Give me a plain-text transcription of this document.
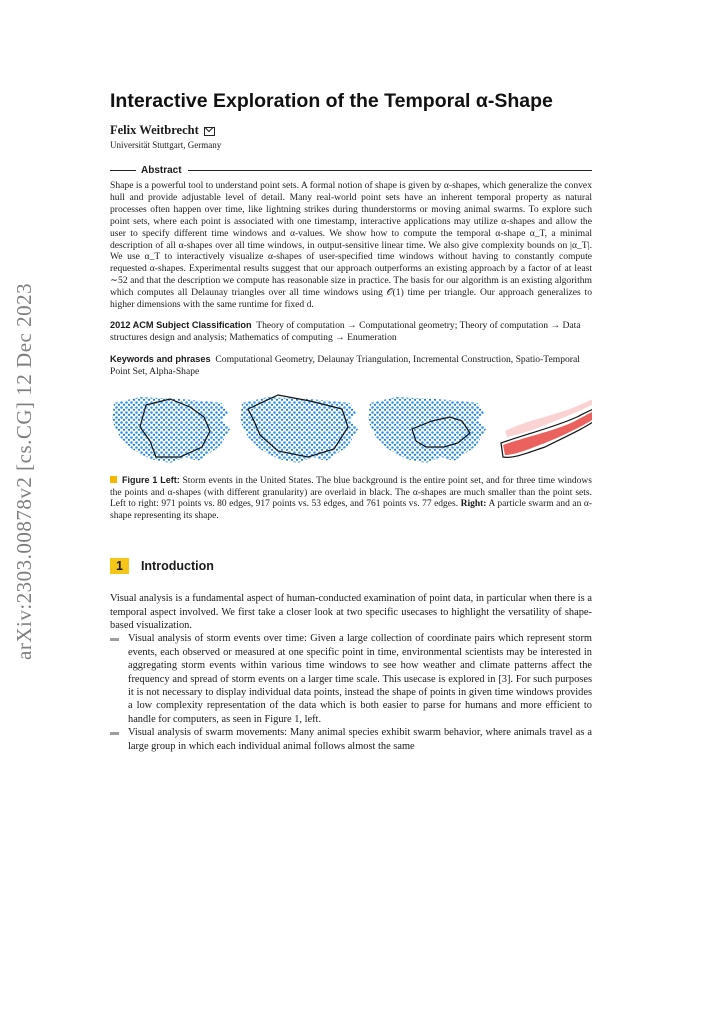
arXiv:2303.00878v2 [cs.CG] 12 Dec 2023
Interactive Exploration of the Temporal α-Shape
Felix Weitbrecht
Universität Stuttgart, Germany
Abstract
Shape is a powerful tool to understand point sets. A formal notion of shape is given by α-shapes, which generalize the convex hull and provide adjustable level of detail. Many real-world point sets have an inherent temporal property as natural processes often happen over time, like lightning strikes during thunderstorms or moving animal swarms. To explore such point sets, where each point is associated with one timestamp, interactive applications may utilize α-shapes and allow the user to specify different time windows and α-values. We show how to compute the temporal α-shape α_T, a minimal description of all α-shapes over all time windows, in output-sensitive linear time. We also give complexity bounds on |α_T|. We use α_T to interactively visualize α-shapes of user-specified time windows without having to constantly compute requested α-shapes. Experimental results suggest that our approach outperforms an existing approach by a factor of at least ∼52 and that the description we compute has reasonable size in practice. The basis for our algorithm is an existing algorithm which computes all Delaunay triangles over all time windows using 𝒪(1) time per triangle. Our approach generalizes to higher dimensions with the same runtime for fixed d.
2012 ACM Subject Classification Theory of computation → Computational geometry; Theory of computation → Data structures design and analysis; Mathematics of computing → Enumeration
Keywords and phrases Computational Geometry, Delaunay Triangulation, Incremental Construction, Spatio-Temporal Point Set, Alpha-Shape
Figure 1 Left: Storm events in the United States. The blue background is the entire point set, and for three time windows the points and α-shapes (with different granularity) are overlaid in black. The α-shapes are much smaller than the point sets. Left to right: 971 points vs. 80 edges, 917 points vs. 53 edges, and 761 points vs. 77 edges. Right: A particle swarm and an α-shape representing its shape.
1	Introduction
Visual analysis is a fundamental aspect of human-conducted examination of point data, in particular when there is a temporal aspect involved. We first take a closer look at two specific usecases to highlight the versatility of shape-based visualization.
Visual analysis of storm events over time: Given a large collection of coordinate pairs which represent storm events, each observed or measured at one specific point in time, environmental scientists may be interested in aggregating storm events within various time windows to see how weather and climate patterns affect the frequency and spread of storm events on a larger time scale. This usecase is explored in [3]. For such purposes it is not necessary to display individual data points, instead the shape of points in given time windows provides a low complexity representation of the data which is both easier to parse for humans and more efficient to handle for computers, as seen in Figure 1, left.
Visual analysis of swarm movements: Many animal species exhibit swarm behavior, where animals travel as a large group in which each individual animal follows almost the same
